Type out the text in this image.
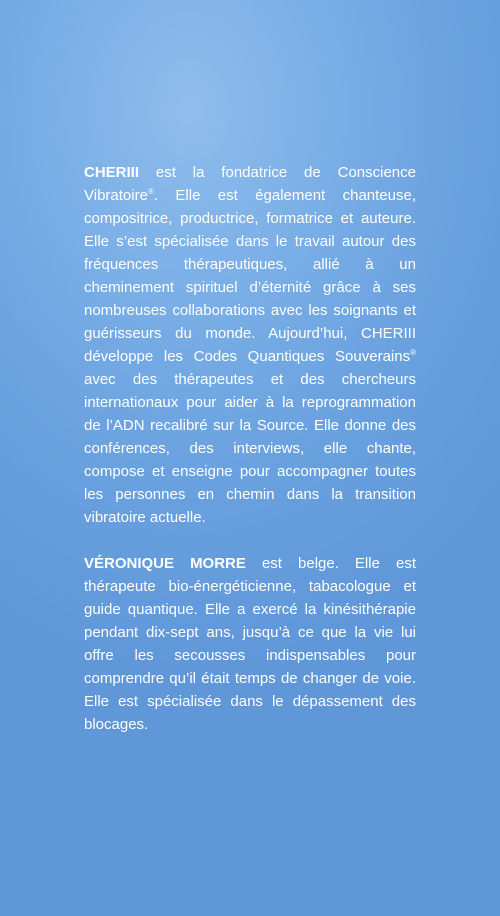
CHERIII est la fondatrice de Conscience Vibratoire®. Elle est également chanteuse, compositrice, productrice, formatrice et auteure. Elle s’est spécialisée dans le travail autour des fréquences thérapeutiques, allié à un cheminement spirituel d’éternité grâce à ses nombreuses collaborations avec les soignants et guérisseurs du monde. Aujourd’hui, CHERIII développe les Codes Quantiques Souverains® avec des thérapeutes et des chercheurs internationaux pour aider à la reprogrammation de l’ADN recalibré sur la Source. Elle donne des conférences, des interviews, elle chante, compose et enseigne pour accompagner toutes les personnes en chemin dans la transition vibratoire actuelle.

VÉRONIQUE MORRE est belge. Elle est thérapeute bio-énergéticienne, tabacologue et guide quantique. Elle a exercé la kinésithérapie pendant dix-sept ans, jusqu’à ce que la vie lui offre les secousses indispensables pour comprendre qu’il était temps de changer de voie. Elle est spécialisée dans le dépassement des blocages.
